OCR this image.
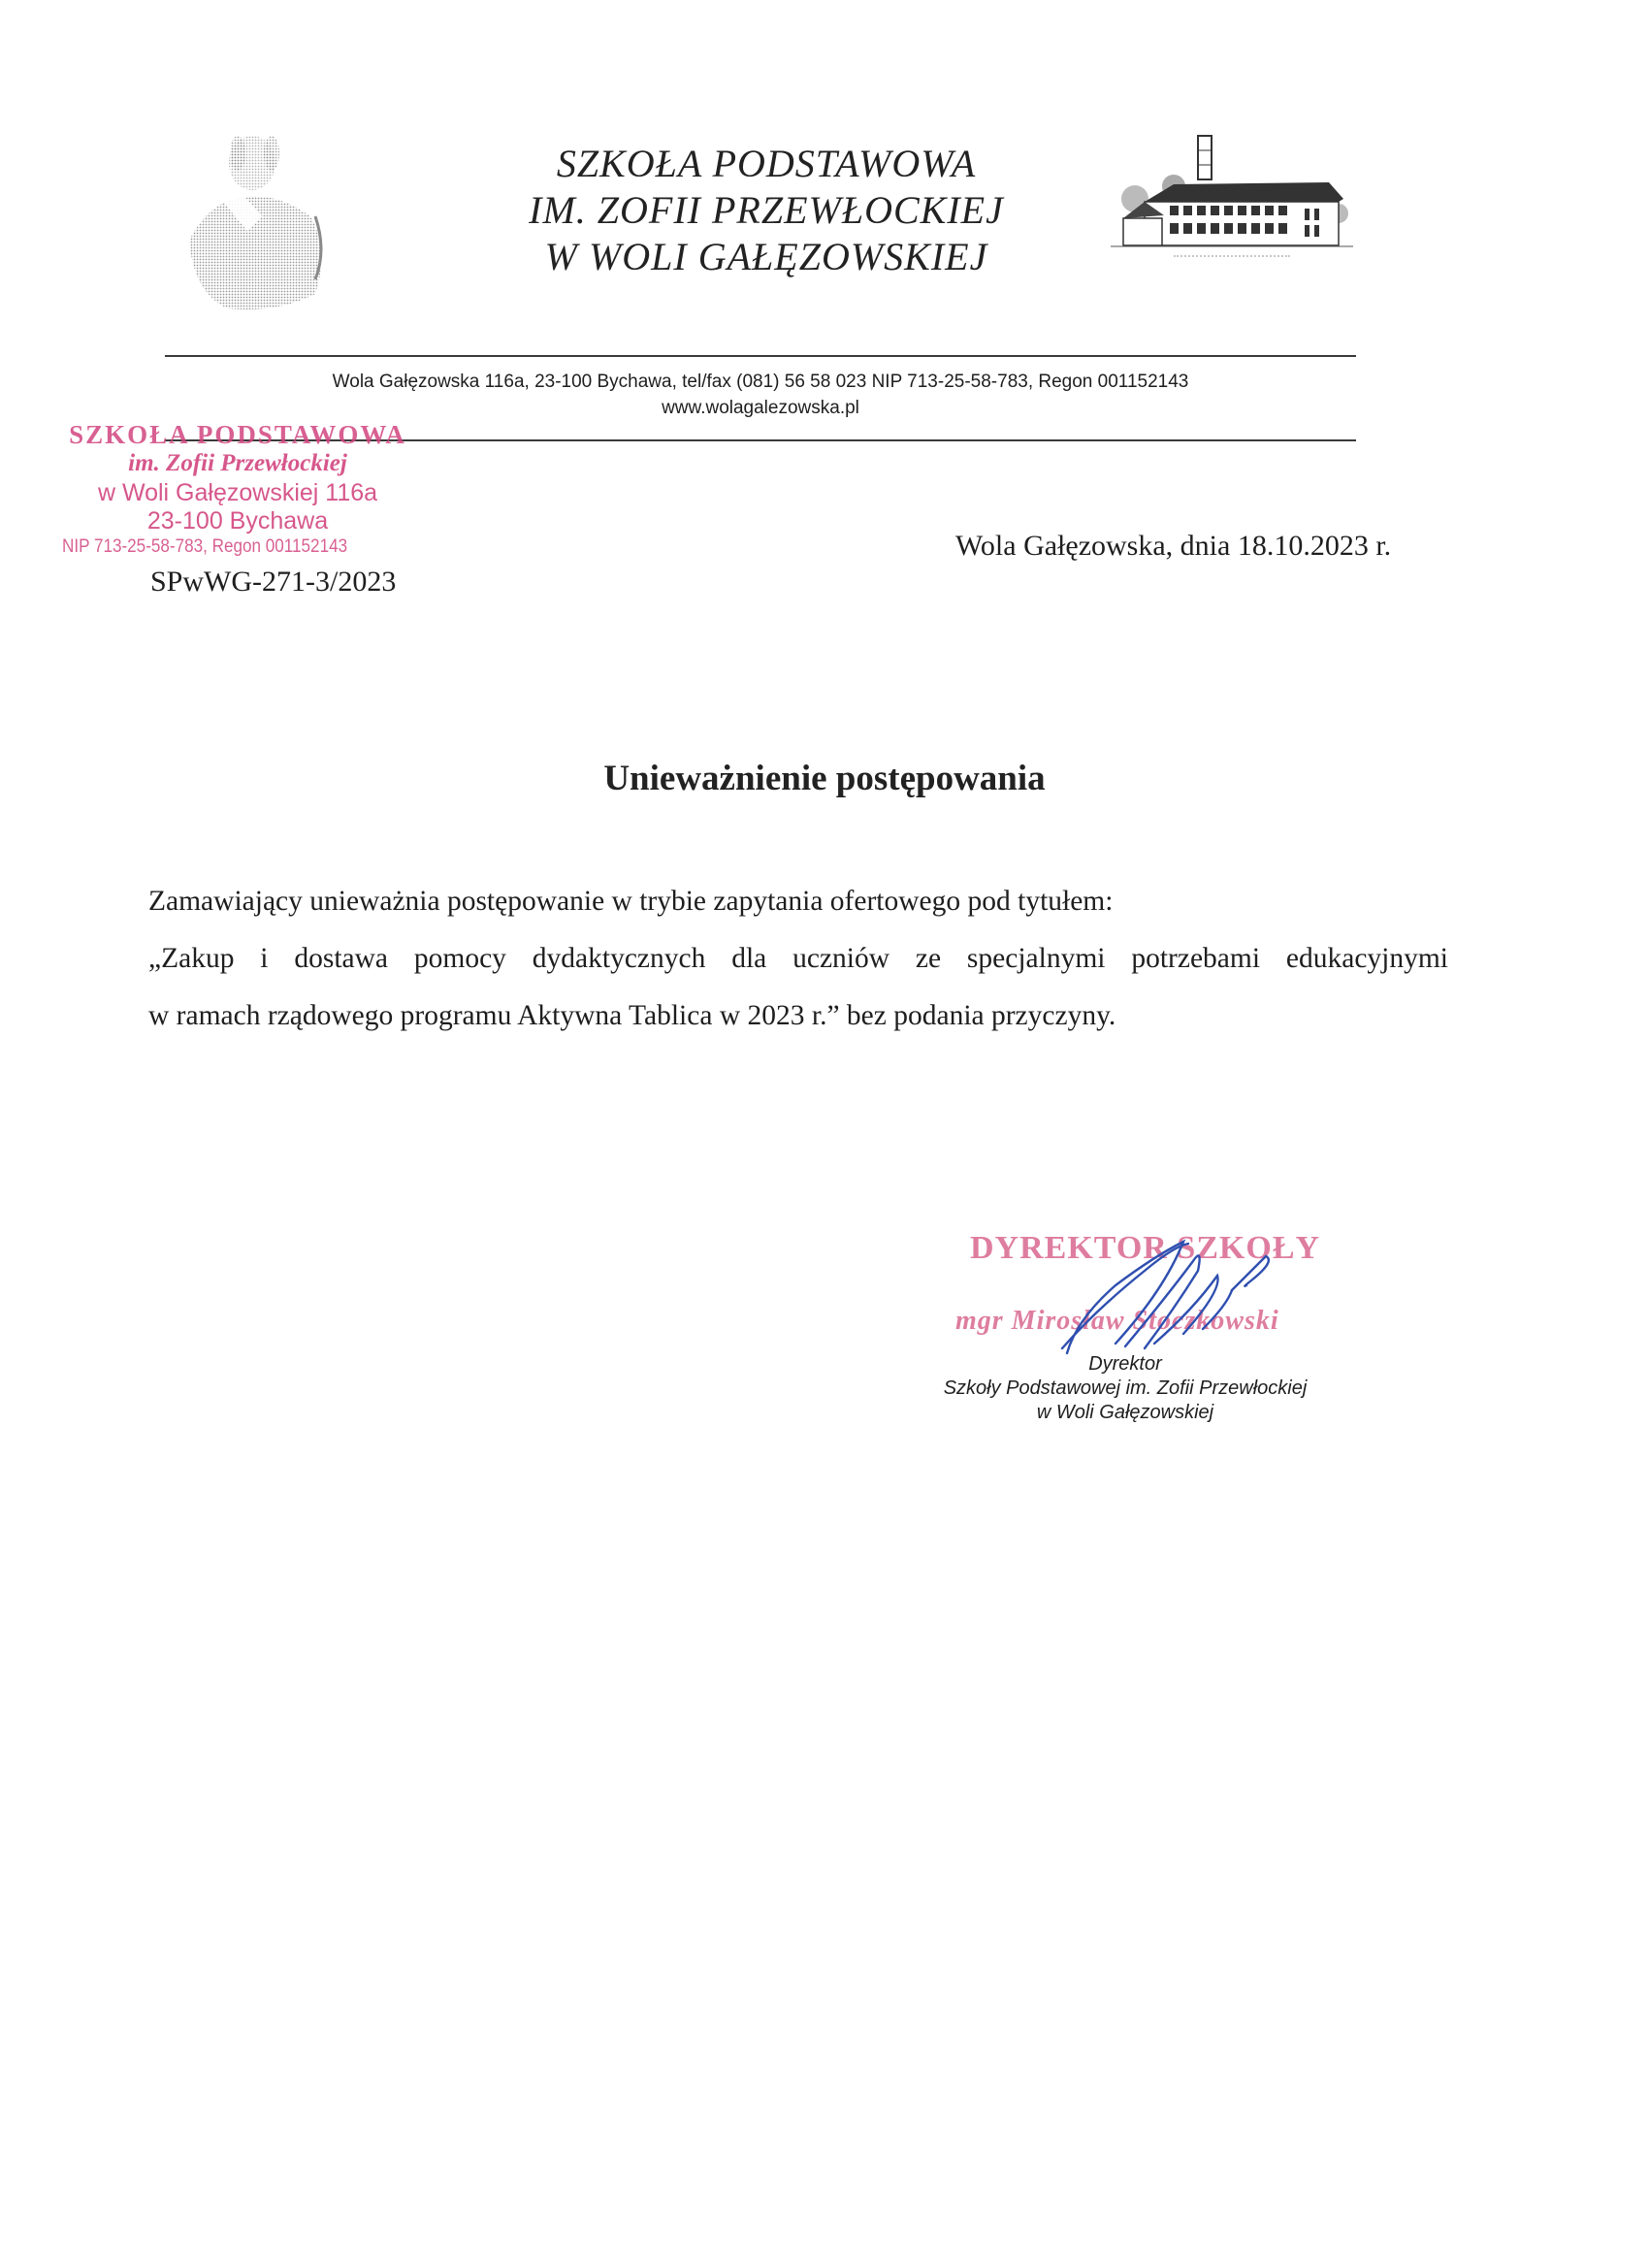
SZKOŁA PODSTAWOWA
IM. ZOFII PRZEWŁOCKIEJ
W WOLI GAŁĘZOWSKIEJ
Wola Gałęzowska 116a, 23-100 Bychawa, tel/fax (081) 56 58 023 NIP 713-25-58-783, Regon 001152143
www.wolagalezowska.pl
SZKOŁA PODSTAWOWA
im. Zofii Przewłockiej
w Woli Gałęzowskiej 116a
23-100 Bychawa
NIP 713-25-58-783, Regon 001152143
SPwWG-271-3/2023
Wola Gałęzowska, dnia 18.10.2023 r.
Unieważnienie postępowania
Zamawiający unieważnia postępowanie w trybie zapytania ofertowego pod tytułem:
„Zakup i dostawa pomocy dydaktycznych dla uczniów ze specjalnymi potrzebami edukacyjnymi
w ramach rządowego programu Aktywna Tablica w 2023 r.” bez podania przyczyny.
DYREKTOR SZKOŁY
mgr Mirosław Stoczkowski
Dyrektor
Szkoły Podstawowej im. Zofii Przewłockiej
w Woli Gałęzowskiej
